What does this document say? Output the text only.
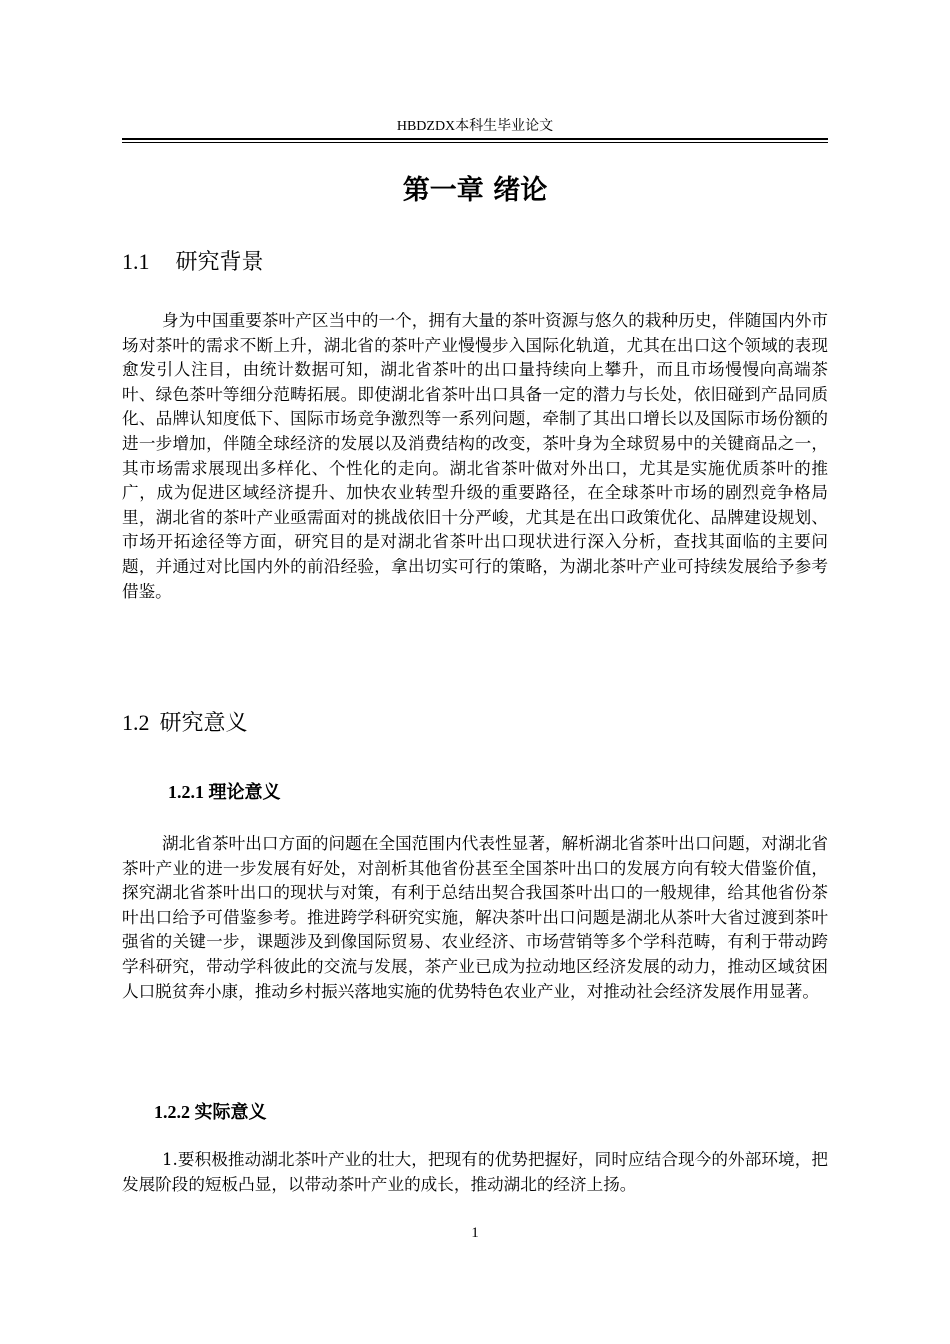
HBDZDX本科生毕业论文
第一章 绪论
1.1 研究背景

身为中国重要茶叶产区当中的一个，拥有大量的茶叶资源与悠久的栽种历史，伴随国内外市场对茶叶的需求不断上升，湖北省的茶叶产业慢慢步入国际化轨道，尤其在出口这个领域的表现愈发引人注目，由统计数据可知，湖北省茶叶的出口量持续向上攀升，而且市场慢慢向高端茶叶、绿色茶叶等细分范畴拓展。即使湖北省茶叶出口具备一定的潜力与长处，依旧碰到产品同质化、品牌认知度低下、国际市场竞争激烈等一系列问题，牵制了其出口增长以及国际市场份额的进一步增加，伴随全球经济的发展以及消费结构的改变，茶叶身为全球贸易中的关键商品之一，其市场需求展现出多样化、个性化的走向。湖北省茶叶做对外出口，尤其是实施优质茶叶的推广，成为促进区域经济提升、加快农业转型升级的重要路径，在全球茶叶市场的剧烈竞争格局里，湖北省的茶叶产业亟需面对的挑战依旧十分严峻，尤其是在出口政策优化、品牌建设规划、市场开拓途径等方面，研究目的是对湖北省茶叶出口现状进行深入分析，查找其面临的主要问题，并通过对比国内外的前沿经验，拿出切实可行的策略，为湖北茶叶产业可持续发展给予参考借鉴。

1.2 研究意义
1.2.1 理论意义

湖北省茶叶出口方面的问题在全国范围内代表性显著，解析湖北省茶叶出口问题，对湖北省茶叶产业的进一步发展有好处，对剖析其他省份甚至全国茶叶出口的发展方向有较大借鉴价值，探究湖北省茶叶出口的现状与对策，有利于总结出契合我国茶叶出口的一般规律，给其他省份茶叶出口给予可借鉴参考。推进跨学科研究实施，解决茶叶出口问题是湖北从茶叶大省过渡到茶叶强省的关键一步，课题涉及到像国际贸易、农业经济、市场营销等多个学科范畴，有利于带动跨学科研究，带动学科彼此的交流与发展，茶产业已成为拉动地区经济发展的动力，推动区域贫困人口脱贫奔小康，推动乡村振兴落地实施的优势特色农业产业，对推动社会经济发展作用显著。

1.2.2 实际意义

1.要积极推动湖北茶叶产业的壮大，把现有的优势把握好，同时应结合现今的外部环境，把发展阶段的短板凸显，以带动茶叶产业的成长，推动湖北的经济上扬。

1
